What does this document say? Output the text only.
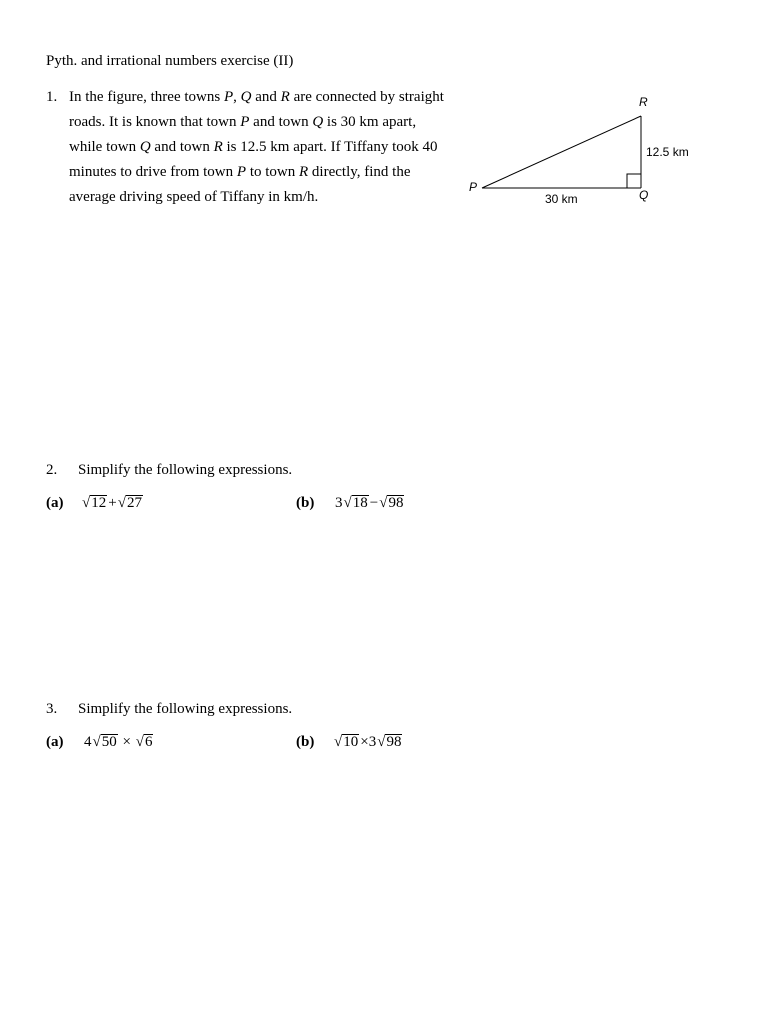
Pyth. and irrational numbers exercise (II)
1. In the figure, three towns P, Q and R are connected by straight
roads. It is known that town P and town Q is 30 km apart,
while town Q and town R is 12.5 km apart. If Tiffany took 40
minutes to drive from town P to town R directly, find the
average driving speed of Tiffany in km/h.
R
P
Q
12.5 km
30 km
2. Simplify the following expressions.
(a) √12 +√27	(b) 3√18 −√98
3. Simplify the following expressions.
(a) 4√50 × √6	(b) √10 ×3√98
